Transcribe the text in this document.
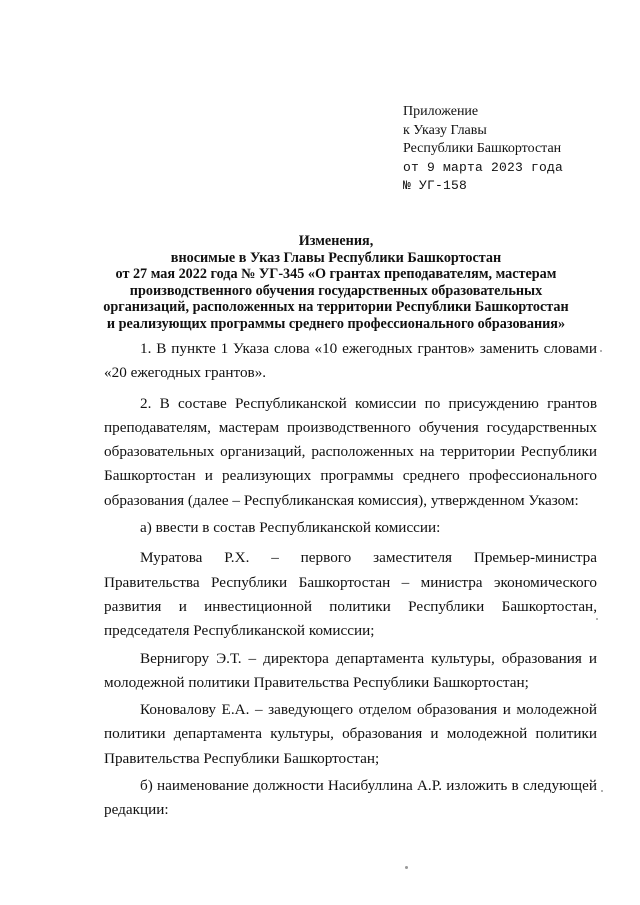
Приложение
к Указу Главы
Республики Башкортостан
от 9 марта 2023 года
№ УГ-158
Изменения,
вносимые в Указ Главы Республики Башкортостан
от 27 мая 2022 года № УГ-345 «О грантах преподавателям, мастерам
производственного обучения государственных образовательных
организаций, расположенных на территории Республики Башкортостан
и реализующих программы среднего профессионального образования»

1. В пункте 1 Указа слова «10 ежегодных грантов» заменить словами «20 ежегодных грантов».

2. В составе Республиканской комиссии по присуждению грантов преподавателям, мастерам производственного обучения государственных образовательных организаций, расположенных на территории Республики Башкортостан и реализующих программы среднего профессионального образования (далее – Республиканская комиссия), утвержденном Указом:

а) ввести в состав Республиканской комиссии:

Муратова Р.Х. – первого заместителя Премьер-министра Правительства Республики Башкортостан – министра экономического развития и инвестиционной политики Республики Башкортостан, председателя Республиканской комиссии;

Вернигору Э.Т. – директора департамента культуры, образования и молодежной политики Правительства Республики Башкортостан;

Коновалову Е.А. – заведующего отделом образования и молодежной политики департамента культуры, образования и молодежной политики Правительства Республики Башкортостан;

б) наименование должности Насибуллина А.Р. изложить в следующей редакции:
